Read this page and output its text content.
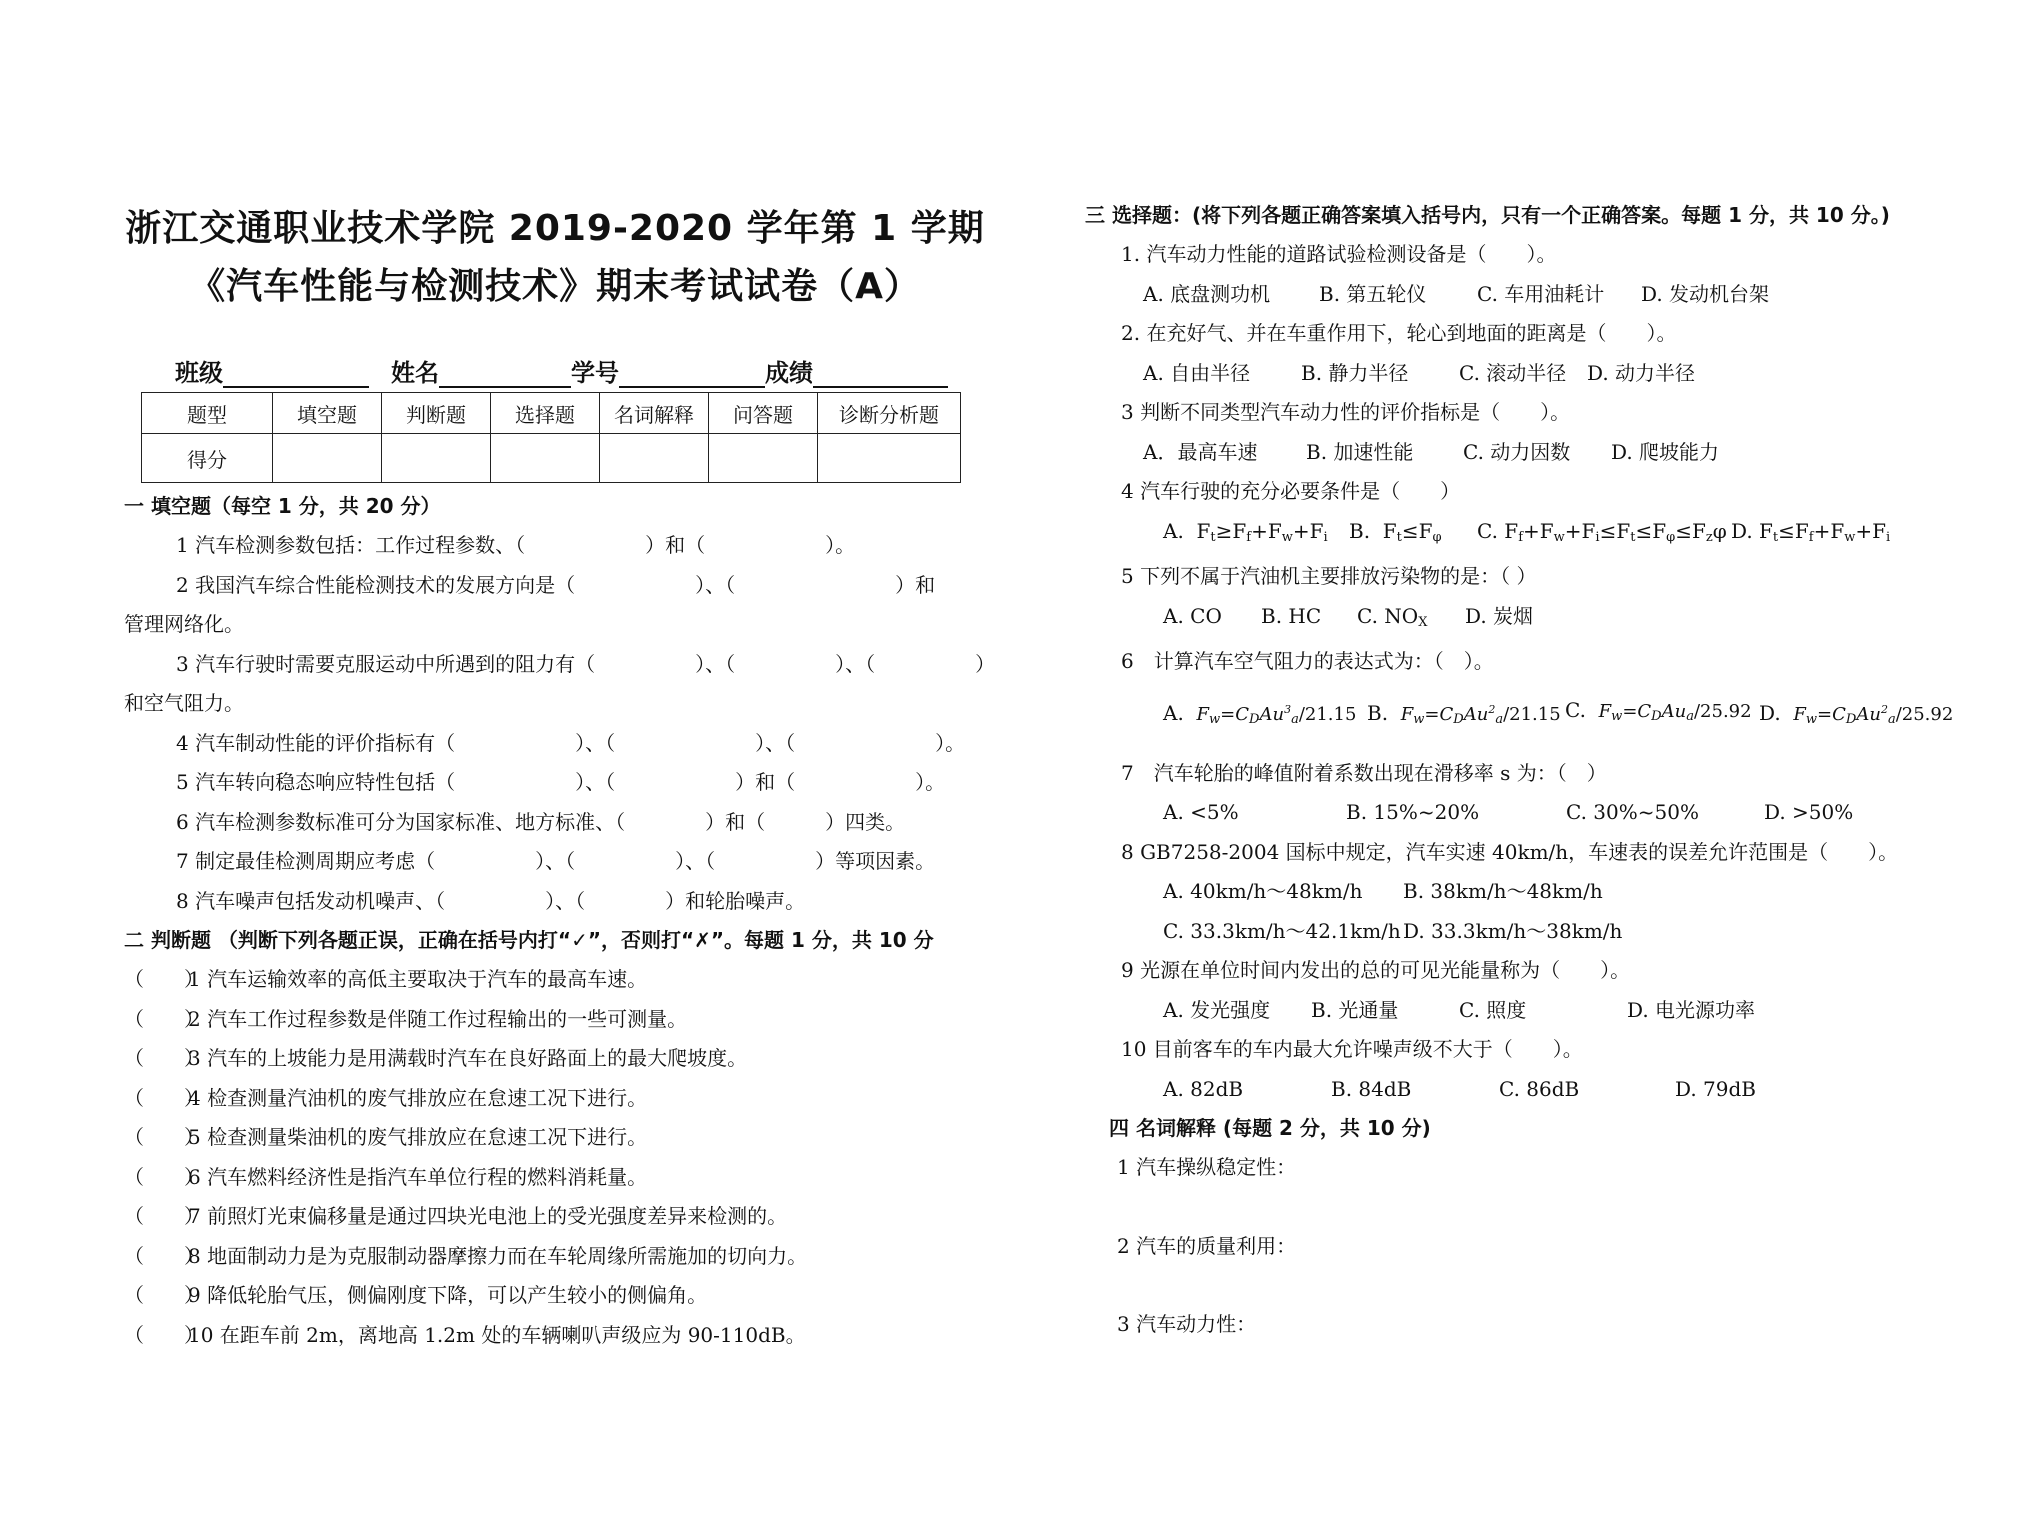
浙江交通职业技术学院 2019-2020 学年第 1 学期
《汽车性能与检测技术》期末考试试卷（A）
班级	姓名	学号	成绩
题型	填空题	判断题	选择题	名词解释	问答题	诊断分析题
得分						
一 填空题（每空 1 分，共 20 分）
1 汽车检测参数包括：工作过程参数、（　　　　　　）和（　　　　　　）。
2 我国汽车综合性能检测技术的发展方向是（　　　　　　）、（　　　　　　　　）和
管理网络化。
3 汽车行驶时需要克服运动中所遇到的阻力有（　　　　　）、（　　　　　）、（　　　　　）
和空气阻力。
4 汽车制动性能的评价指标有（　　　　　　）、（　　　　　　　）、（　　　　　　　）。
5 汽车转向稳态响应特性包括（　　　　　　）、（　　　　　　）和（　　　　　　）。
6 汽车检测参数标准可分为国家标准、地方标准、（　　　　）和（　　　）四类。
7 制定最佳检测周期应考虑（　　　　　）、（　　　　　）、（　　　　　）等项因素。
8 汽车噪声包括发动机噪声、（　　　　　）、（　　　　）和轮胎噪声。
二 判断题 （判断下列各题正误，正确在括号内打“✓”，否则打“✗”。每题 1 分，共 10 分
（　　）1 汽车运输效率的高低主要取决于汽车的最高车速。
（　　）2 汽车工作过程参数是伴随工作过程输出的一些可测量。
（　　）3 汽车的上坡能力是用满载时汽车在良好路面上的最大爬坡度。
（　　）4 检查测量汽油机的废气排放应在怠速工况下进行。
（　　）5 检查测量柴油机的废气排放应在怠速工况下进行。
（　　）6 汽车燃料经济性是指汽车单位行程的燃料消耗量。
（　　）7 前照灯光束偏移量是通过四块光电池上的受光强度差异来检测的。
（　　）8 地面制动力是为克服制动器摩擦力而在车轮周缘所需施加的切向力。
（　　）9 降低轮胎气压，侧偏刚度下降，可以产生较小的侧偏角。
（　　）10 在距车前 2m，离地高 1.2m 处的车辆喇叭声级应为 90-110dB。
三 选择题：(将下列各题正确答案填入括号内，只有一个正确答案。每题 1 分，共 10 分。)
1. 汽车动力性能的道路试验检测设备是（　　）。
A. 底盘测功机	B. 第五轮仪	C. 车用油耗计	D. 发动机台架
2. 在充好气、并在车重作用下，轮心到地面的距离是（　　）。
A. 自由半径	B. 静力半径	C. 滚动半径	D. 动力半径
3 判断不同类型汽车动力性的评价指标是（　　）。
A．最高车速	B. 加速性能	C. 动力因数	D. 爬坡能力
4 汽车行驶的充分必要条件是（　　）
A.  Ft≥Ff+Fw+Fi	B.  Ft≤Fφ	C. Ff+Fw+Fi≤Ft≤Fφ≤Fzφ D. Ft≤Ff+Fw+Fi
5 下列不属于汽油机主要排放污染物的是：（ ）
A. CO	B. HC	C. NOX	D. 炭烟
6　计算汽车空气阻力的表达式为：（　）。
A. Fw=CDAu$^3$a/21.15 B. Fw=CDAu$^2$a/21.15 C. Fw=CDAua/25.92 D. Fw=CDAu$^2$a/25.92
7　汽车轮胎的峰值附着系数出现在滑移率 s 为：（　）
A. <5%	B. 15%~20%	C. 30%~50%	D. >50%
8 GB7258-2004 国标中规定，汽车实速 40km/h，车速表的误差允许范围是（　　）。
A. 40km/h～48km/h	B. 38km/h～48km/h
C. 33.3km/h～42.1km/h D. 33.3km/h～38km/h
9 光源在单位时间内发出的总的可见光能量称为（　　）。
A. 发光强度	B. 光通量	C. 照度	D. 电光源功率
10 目前客车的车内最大允许噪声级不大于（　　）。
A. 82dB	B. 84dB	C. 86dB	D. 79dB
四 名词解释 (每题 2 分，共 10 分)
1 汽车操纵稳定性：
2 汽车的质量利用：
3 汽车动力性：
